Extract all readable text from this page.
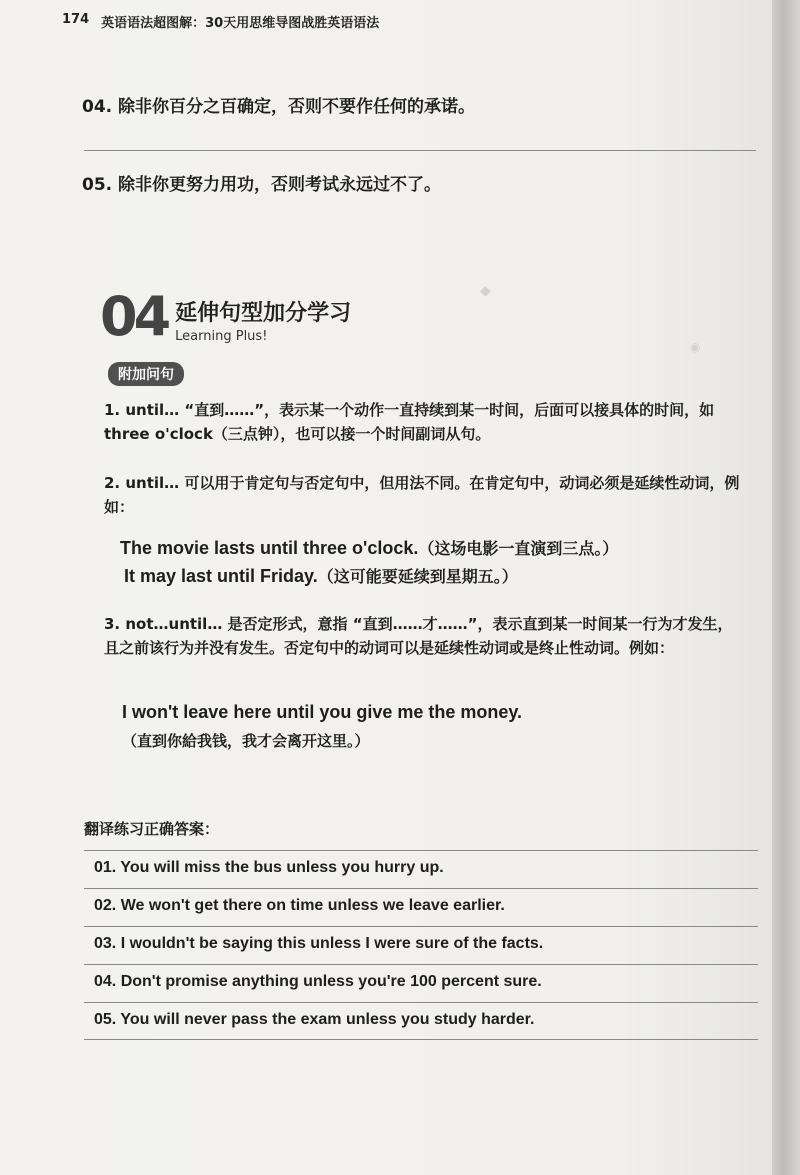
174 英语语法超图解：30天用思维导图战胜英语语法
04. 除非你百分之百确定，否则不要作任何的承诺。
05. 除非你更努力用功，否则考试永远过不了。
◆
◉
04 延伸句型加分学习
Learning Plus!
附加问句
1. until… “直到……”，表示某一个动作一直持续到某一时间，后面可以接具体的时间，如 three o'clock（三点钟），也可以接一个时间副词从句。
2. until… 可以用于肯定句与否定句中，但用法不同。在肯定句中，动词必须是延续性动词，例如：
The movie lasts until three o'clock.（这场电影一直演到三点。）
It may last until Friday.（这可能要延续到星期五。）
3. not…until… 是否定形式，意指 “直到……才……”，表示直到某一时间某一行为才发生，且之前该行为并没有发生。否定句中的动词可以是延续性动词或是终止性动词。例如：
I won't leave here until you give me the money.
（直到你給我钱，我才会离开这里。）
翻译练习正确答案：
01. You will miss the bus unless you hurry up.
02. We won't get there on time unless we leave earlier.
03. I wouldn't be saying this unless I were sure of the facts.
04. Don't promise anything unless you're 100 percent sure.
05. You will never pass the exam unless you study harder.
